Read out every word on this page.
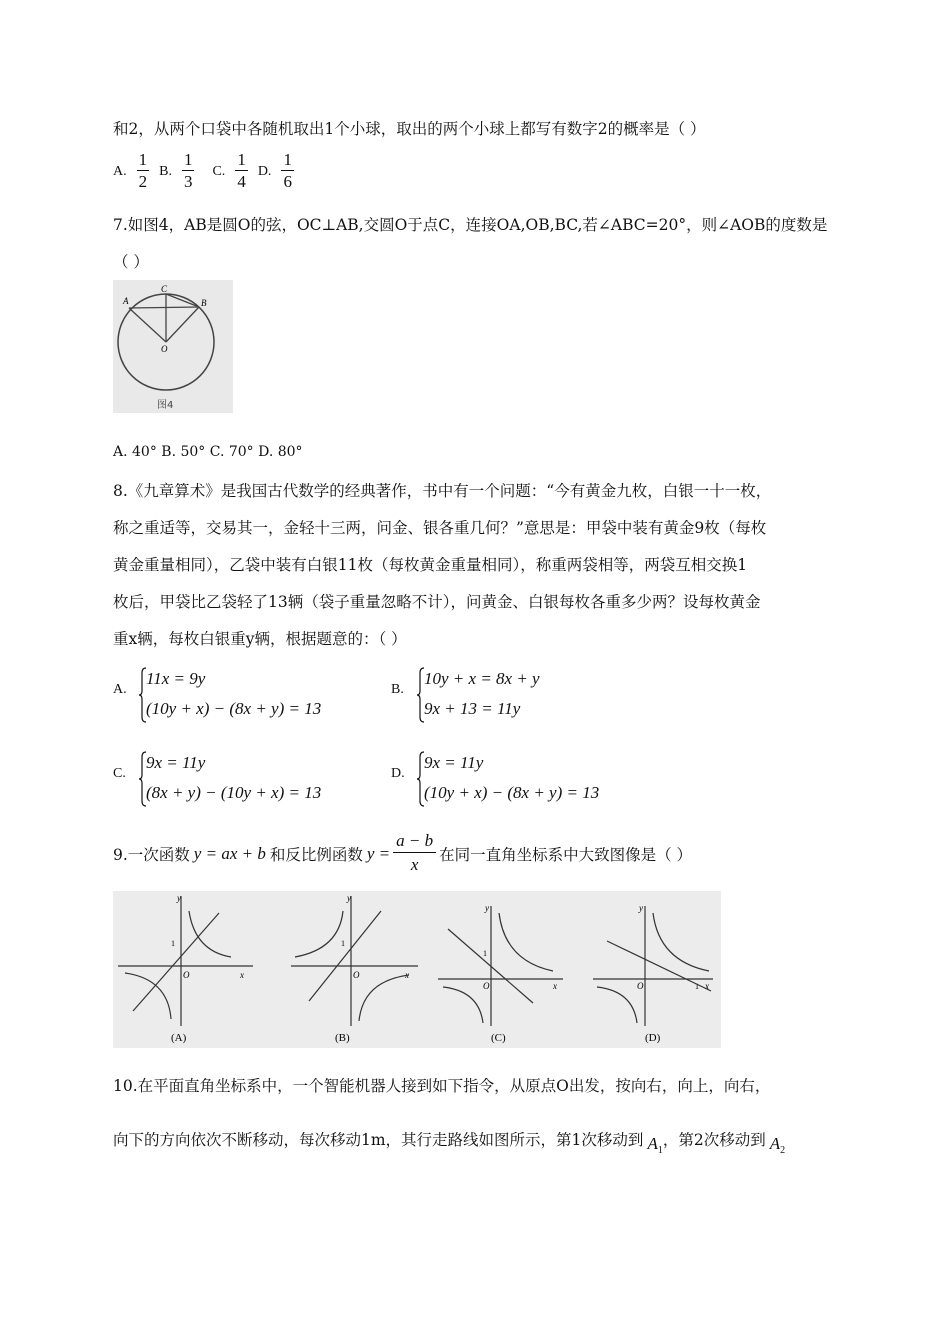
和2，从两个口袋中各随机取出1个小球，取出的两个小球上都写有数字2的概率是（ ）
A. $\frac{1}{2} B$. $\frac{1}{3} C$. $\frac{1}{4} D$. $\frac{1}{6}$
7.如图4，AB是圆O的弦，OC⊥AB,交圆O于点C，连接OA,OB,BC,若∠ABC=20°，则∠AOB的度数是
（ ）
A
C
B
O
图4
A. 40° B. 50° C. 70° D. 80°
8.《九章算术》是我国古代数学的经典著作，书中有一个问题：“今有黄金九枚，白银一十一枚，
称之重适等，交易其一，金轻十三两，问金、银各重几何？”意思是：甲袋中装有黄金9枚（每枚
黄金重量相同），乙袋中装有白银11枚（每枚黄金重量相同），称重两袋相等，两袋互相交换1
枚后，甲袋比乙袋轻了13辆（袋子重量忽略不计），问黄金、白银每枚各重多少两？设每枚黄金
重x辆，每枚白银重y辆，根据题意的：（ ）
A.
11x = 9y
(10y + x) − (8x + y) = 13
B.
10y + x = 8x + y
9x + 13 = 11y
C.
9x = 11y
(8x + y) − (10y + x) = 13
D.
9x = 11y
(10y + x) − (8x + y) = 13
9.一次函数 y = ax + b 和反比例函数 $y = \frac{a - b}{x}$ 在同一直角坐标系中大致图像是（ ）
y
x
O
1
(A)
y
x
O
1
(B)
y
x
O
1
(C)
y
x
O	1
(D)
10.在平面直角坐标系中，一个智能机器人接到如下指令，从原点O出发，按向右，向上，向右，
向下的方向依次不断移动，每次移动1m，其行走路线如图所示，第1次移动到 $A_1$
，第2次移动到 $A_2$
